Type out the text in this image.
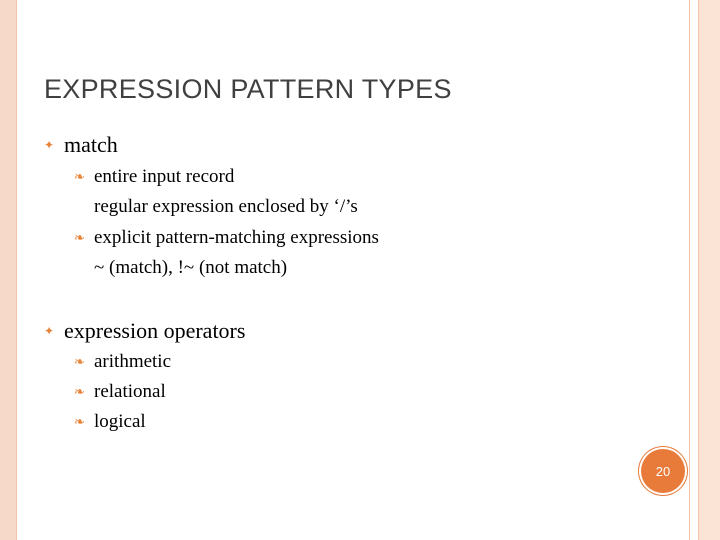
EXPRESSION PATTERN TYPES
✦ match
❧ entire input record
regular expression enclosed by ‘/’s
❧ explicit pattern-matching expressions
~ (match), !~ (not match)
✦ expression operators
❧ arithmetic
❧ relational
❧ logical
20
